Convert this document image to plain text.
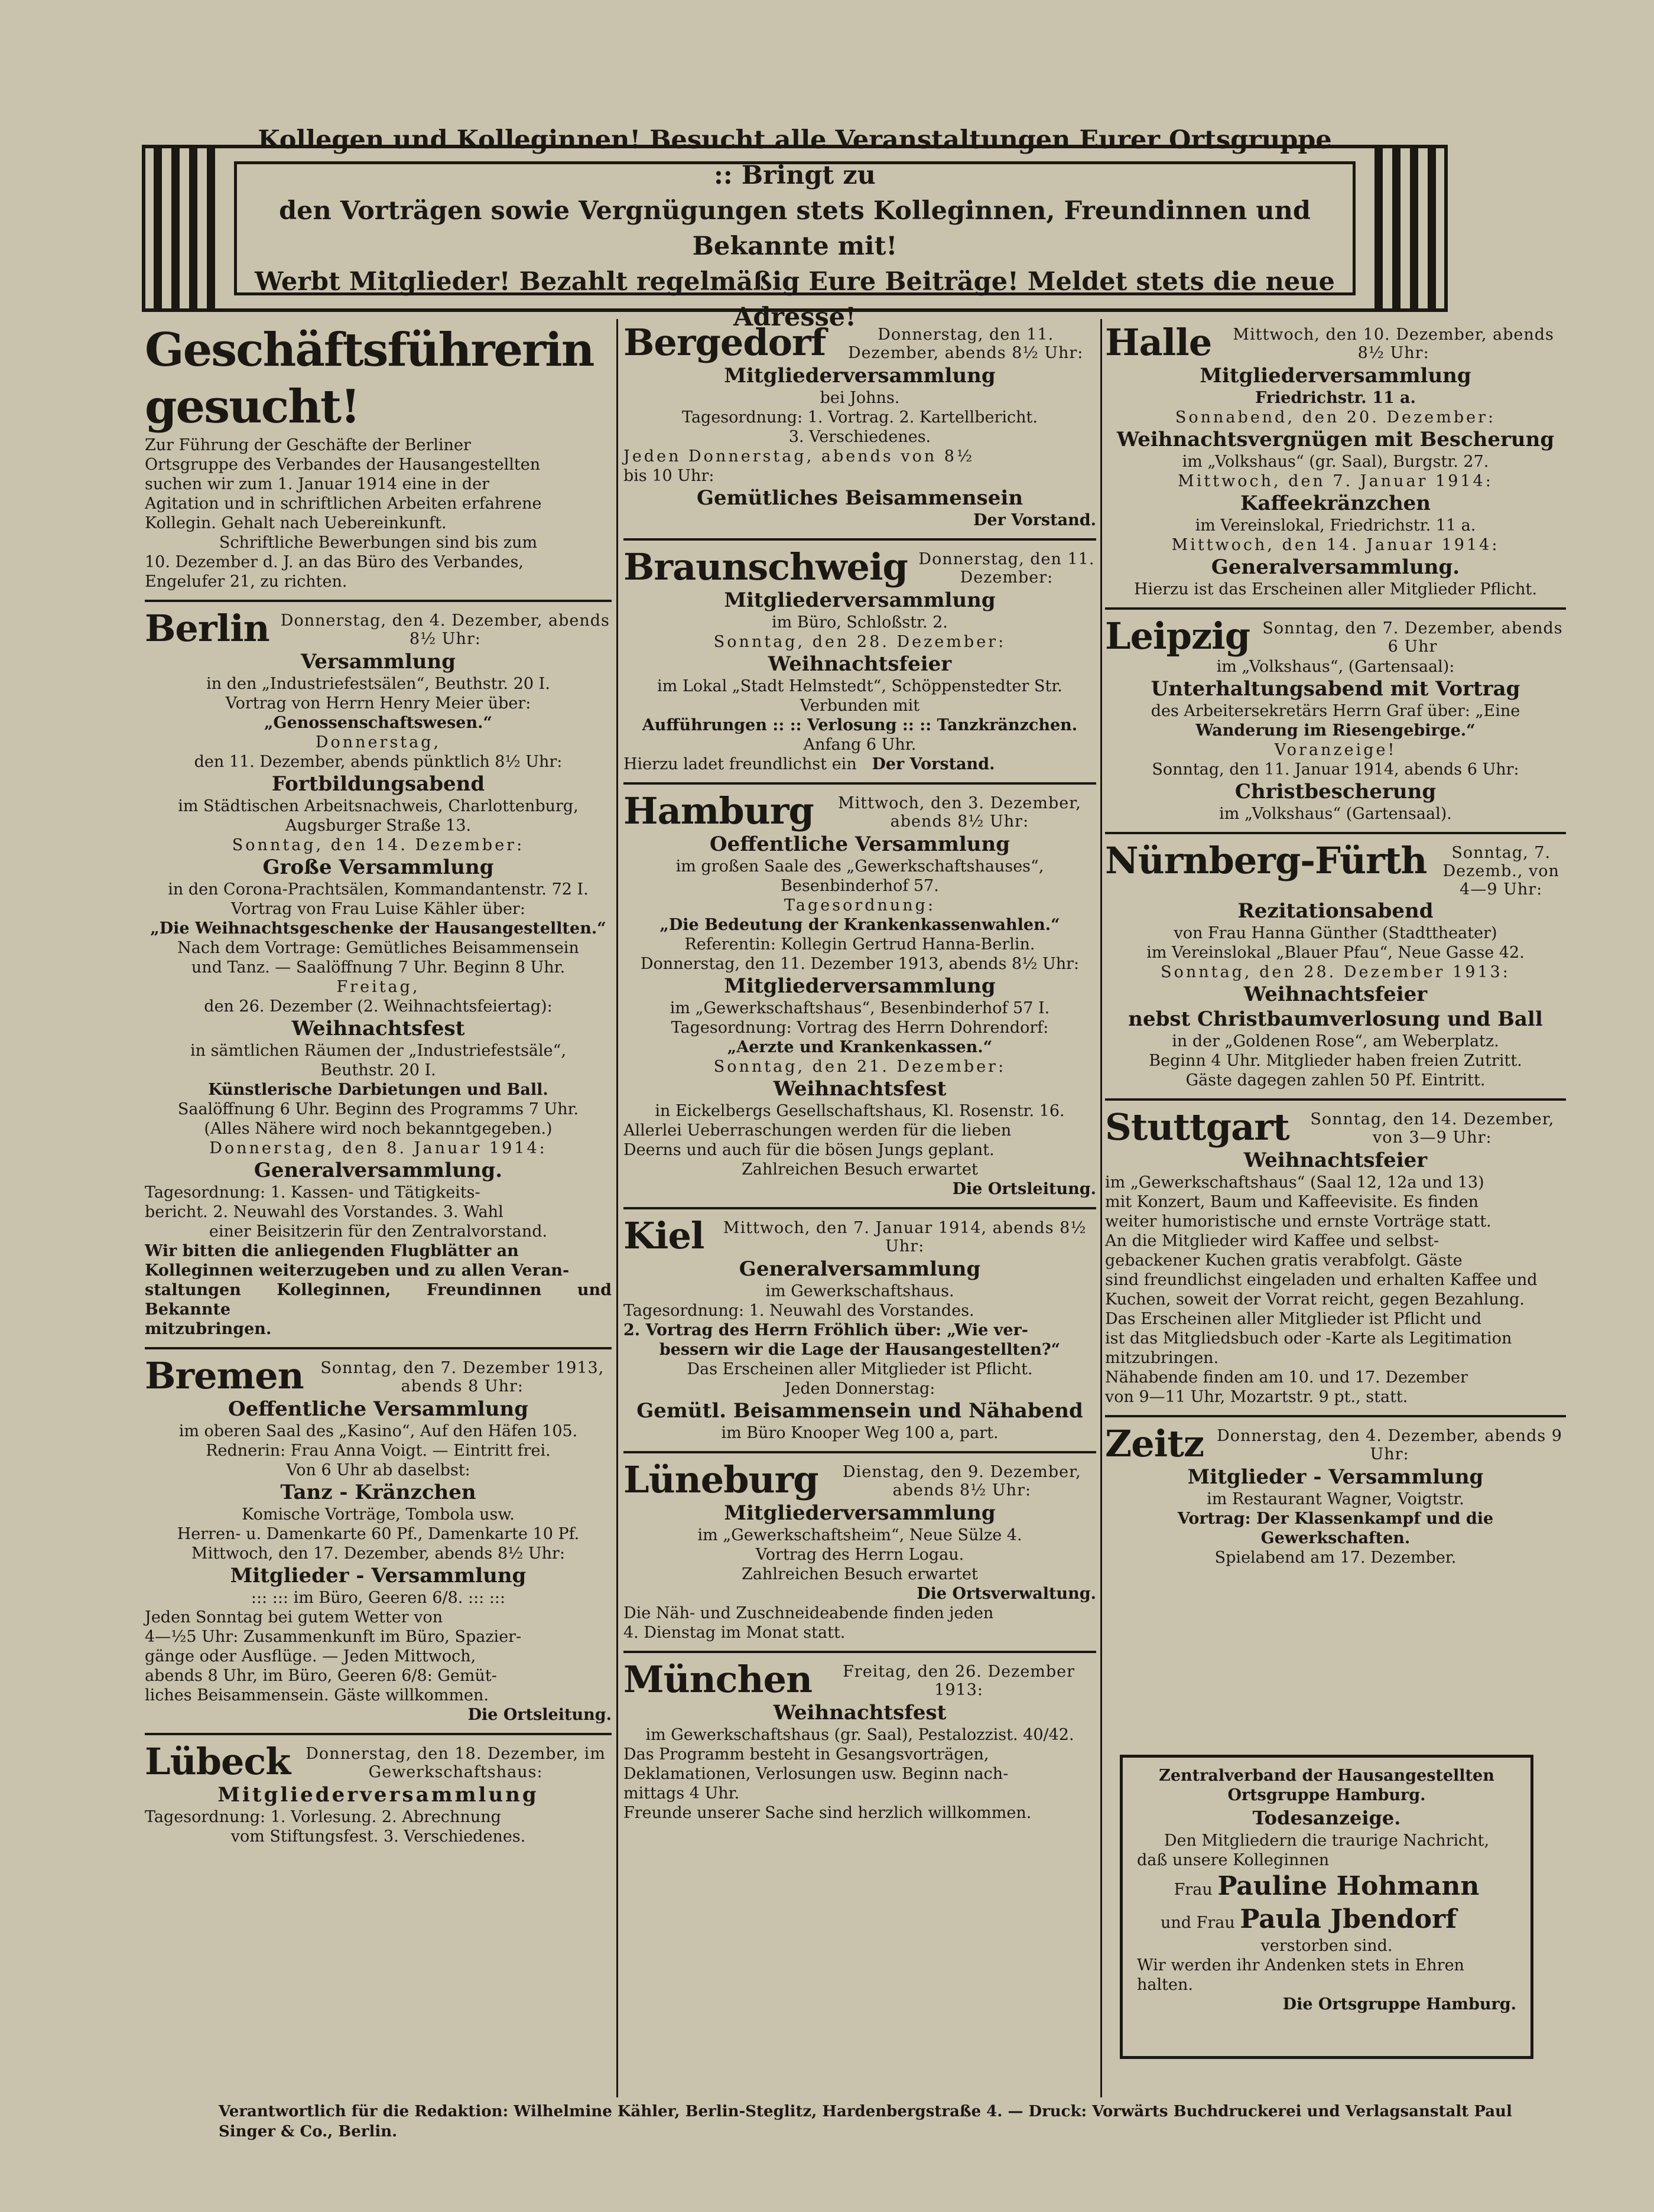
Kollegen und Kolleginnen! Besucht alle Veranstaltungen Eurer Ortsgruppe :: Bringt zu
den Vorträgen sowie Vergnügungen stets Kolleginnen, Freundinnen und Bekannte mit!
Werbt Mitglieder! Bezahlt regelmäßig Eure Beiträge! Meldet stets die neue Adresse!
Geschäftsführerin gesucht!

Zur Führung der Geschäfte der Berliner

Ortsgruppe des Verbandes der Hausangestellten

suchen wir zum 1. Januar 1914 eine in der

Agitation und in schriftlichen Arbeiten erfahrene

Kollegin. Gehalt nach Uebereinkunft.

Schriftliche Bewerbungen sind bis zum

10. Dezember d. J. an das Büro des Verbandes,

Engelufer 21, zu richten.

Berlin Donnerstag, den 4. Dezember, abends 8½ Uhr:
Versammlung

in den „Industriefestsälen“, Beuthstr. 20 I.

Vortrag von Herrn Henry Meier über:

„Genossenschaftswesen.“

Donnerstag,

den 11. Dezember, abends pünktlich 8½ Uhr:

Fortbildungsabend

im Städtischen Arbeitsnachweis, Charlottenburg,

Augsburger Straße 13.

Sonntag, den 14. Dezember:

Große Versammlung

in den Corona-Prachtsälen, Kommandantenstr. 72 I.

Vortrag von Frau Luise Kähler über:

„Die Weihnachtsgeschenke der Hausangestellten.“

Nach dem Vortrage: Gemütliches Beisammensein

und Tanz. — Saalöffnung 7 Uhr. Beginn 8 Uhr.

Freitag,

den 26. Dezember (2. Weihnachtsfeiertag):

Weihnachtsfest

in sämtlichen Räumen der „Industriefestsäle“,

Beuthstr. 20 I.

Künstlerische Darbietungen und Ball.

Saalöffnung 6 Uhr. Beginn des Programms 7 Uhr.

(Alles Nähere wird noch bekanntgegeben.)

Donnerstag, den 8. Januar 1914:

Generalversammlung.

Tagesordnung: 1. Kassen- und Tätigkeits-

bericht. 2. Neuwahl des Vorstandes. 3. Wahl

einer Beisitzerin für den Zentralvorstand.

Wir bitten die anliegenden Flugblätter an

Kolleginnen weiterzugeben und zu allen Veran-

staltungen Kolleginnen, Freundinnen und Bekannte

mitzubringen.

Bremen	Sonntag, den 7. Dezember 1913, abends 8 Uhr:
Oeffentliche Versammlung

im oberen Saal des „Kasino“, Auf den Häfen 105.

Rednerin: Frau Anna Voigt. — Eintritt frei.

Von 6 Uhr ab daselbst:

Tanz - Kränzchen

Komische Vorträge, Tombola usw.

Herren- u. Damenkarte 60 Pf., Damenkarte 10 Pf.

Mittwoch, den 17. Dezember, abends 8½ Uhr:

Mitglieder - Versammlung

::: ::: im Büro, Geeren 6/8. ::: :::

Jeden Sonntag bei gutem Wetter von

4—½5 Uhr: Zusammenkunft im Büro, Spazier-

gänge oder Ausflüge. — Jeden Mittwoch,

abends 8 Uhr, im Büro, Geeren 6/8: Gemüt-

liches Beisammensein. Gäste willkommen.

Die Ortsleitung.

Lübeck Donnerstag, den 18. Dezember, im Gewerkschaftshaus:
Mitgliederversammlung

Tagesordnung: 1. Vorlesung. 2. Abrechnung

vom Stiftungsfest. 3. Verschiedenes.

Bergedorf	Donnerstag, den 11. Dezember, abends 8½ Uhr:
Mitgliederversammlung

bei Johns.

Tagesordnung: 1. Vortrag. 2. Kartellbericht.

3. Verschiedenes.

Jeden Donnerstag, abends von 8½

bis 10 Uhr:

Gemütliches Beisammensein

Der Vorstand.

Braunschweig Donnerstag, den 11. Dezember:
Mitgliederversammlung

im Büro, Schloßstr. 2.

Sonntag, den 28. Dezember:

Weihnachtsfeier

im Lokal „Stadt Helmstedt“, Schöppenstedter Str.

Verbunden mit

Aufführungen :: :: Verlosung :: :: Tanzkränzchen.

Anfang 6 Uhr.

Hierzu ladet freundlichst ein Der Vorstand.

Hamburg	Mittwoch, den 3. Dezember, abends 8½ Uhr:
Oeffentliche Versammlung

im großen Saale des „Gewerkschaftshauses“,

Besenbinderhof 57.

Tagesordnung:

„Die Bedeutung der Krankenkassenwahlen.“

Referentin: Kollegin Gertrud Hanna-Berlin.

Donnerstag, den 11. Dezember 1913, abends 8½ Uhr:

Mitgliederversammlung

im „Gewerkschaftshaus“, Besenbinderhof 57 I.

Tagesordnung: Vortrag des Herrn Dohrendorf:

„Aerzte und Krankenkassen.“

Sonntag, den 21. Dezember:

Weihnachtsfest

in Eickelbergs Gesellschaftshaus, Kl. Rosenstr. 16.

Allerlei Ueberraschungen werden für die lieben

Deerns und auch für die bösen Jungs geplant.

Zahlreichen Besuch erwartet

Die Ortsleitung.

Kiel	Mittwoch, den 7. Januar 1914, abends 8½ Uhr:
Generalversammlung

im Gewerkschaftshaus.

Tagesordnung: 1. Neuwahl des Vorstandes.

2. Vortrag des Herrn Fröhlich über: „Wie ver-

bessern wir die Lage der Hausangestellten?“

Das Erscheinen aller Mitglieder ist Pflicht.

Jeden Donnerstag:

Gemütl. Beisammensein und Nähabend

im Büro Knooper Weg 100 a, part.

Lüneburg	Dienstag, den 9. Dezember, abends 8½ Uhr:
Mitgliederversammlung

im „Gewerkschaftsheim“, Neue Sülze 4.

Vortrag des Herrn Logau.

Zahlreichen Besuch erwartet

Die Ortsverwaltung.

Die Näh- und Zuschneideabende finden jeden

4. Dienstag im Monat statt.

München	Freitag, den 26. Dezember 1913:
Weihnachtsfest

im Gewerkschaftshaus (gr. Saal), Pestalozzist. 40/42.

Das Programm besteht in Gesangsvorträgen,

Deklamationen, Verlosungen usw. Beginn nach-

mittags 4 Uhr.

Freunde unserer Sache sind herzlich willkommen.

Halle	Mittwoch, den 10. Dezember, abends 8½ Uhr:
Mitgliederversammlung

Friedrichstr. 11 a.

Sonnabend, den 20. Dezember:

Weihnachtsvergnügen mit Bescherung

im „Volkshaus“ (gr. Saal), Burgstr. 27.

Mittwoch, den 7. Januar 1914:

Kaffeekränzchen

im Vereinslokal, Friedrichstr. 11 a.

Mittwoch, den 14. Januar 1914:

Generalversammlung.

Hierzu ist das Erscheinen aller Mitglieder Pflicht.

Leipzig Sonntag, den 7. Dezember, abends 6 Uhr

im „Volkshaus“, (Gartensaal):

Unterhaltungsabend mit Vortrag

des Arbeitersekretärs Herrn Graf über: „Eine

Wanderung im Riesengebirge.“

Voranzeige!

Sonntag, den 11. Januar 1914, abends 6 Uhr:

Christbescherung

im „Volkshaus“ (Gartensaal).

Nürnberg-Fürth	Sonntag, 7. Dezemb., von 4—9 Uhr:
Rezitationsabend

von Frau Hanna Günther (Stadttheater)

im Vereinslokal „Blauer Pfau“, Neue Gasse 42.

Sonntag, den 28. Dezember 1913:

Weihnachtsfeier
nebst Christbaumverlosung und Ball

in der „Goldenen Rose“, am Weberplatz.

Beginn 4 Uhr. Mitglieder haben freien Zutritt.

Gäste dagegen zahlen 50 Pf. Eintritt.

Stuttgart	Sonntag, den 14. Dezember, von 3—9 Uhr:
Weihnachtsfeier

im „Gewerkschaftshaus“ (Saal 12, 12a und 13)

mit Konzert, Baum und Kaffeevisite. Es finden

weiter humoristische und ernste Vorträge statt.

An die Mitglieder wird Kaffee und selbst-

gebackener Kuchen gratis verabfolgt. Gäste

sind freundlichst eingeladen und erhalten Kaffee und

Kuchen, soweit der Vorrat reicht, gegen Bezahlung.

Das Erscheinen aller Mitglieder ist Pflicht und

ist das Mitgliedsbuch oder -Karte als Legitimation

mitzubringen.

Nähabende finden am 10. und 17. Dezember

von 9—11 Uhr, Mozartstr. 9 pt., statt.

Zeitz Donnerstag, den 4. Dezember, abends 9 Uhr:
Mitglieder - Versammlung

im Restaurant Wagner, Voigtstr.

Vortrag: Der Klassenkampf und die Gewerkschaften.

Spielabend am 17. Dezember.

Zentralverband der Hausangestellten

Ortsgruppe Hamburg.

Todesanzeige.

Den Mitgliedern die traurige Nachricht,

daß unsere Kolleginnen

Frau Pauline Hohmann

und Frau Paula Jbendorf

verstorben sind.

Wir werden ihr Andenken stets in Ehren

halten.

Die Ortsgruppe Hamburg.

Verantwortlich für die Redaktion: Wilhelmine Kähler, Berlin-Steglitz, Hardenbergstraße 4. — Druck: Vorwärts Buchdruckerei und Verlagsanstalt Paul Singer & Co., Berlin.
